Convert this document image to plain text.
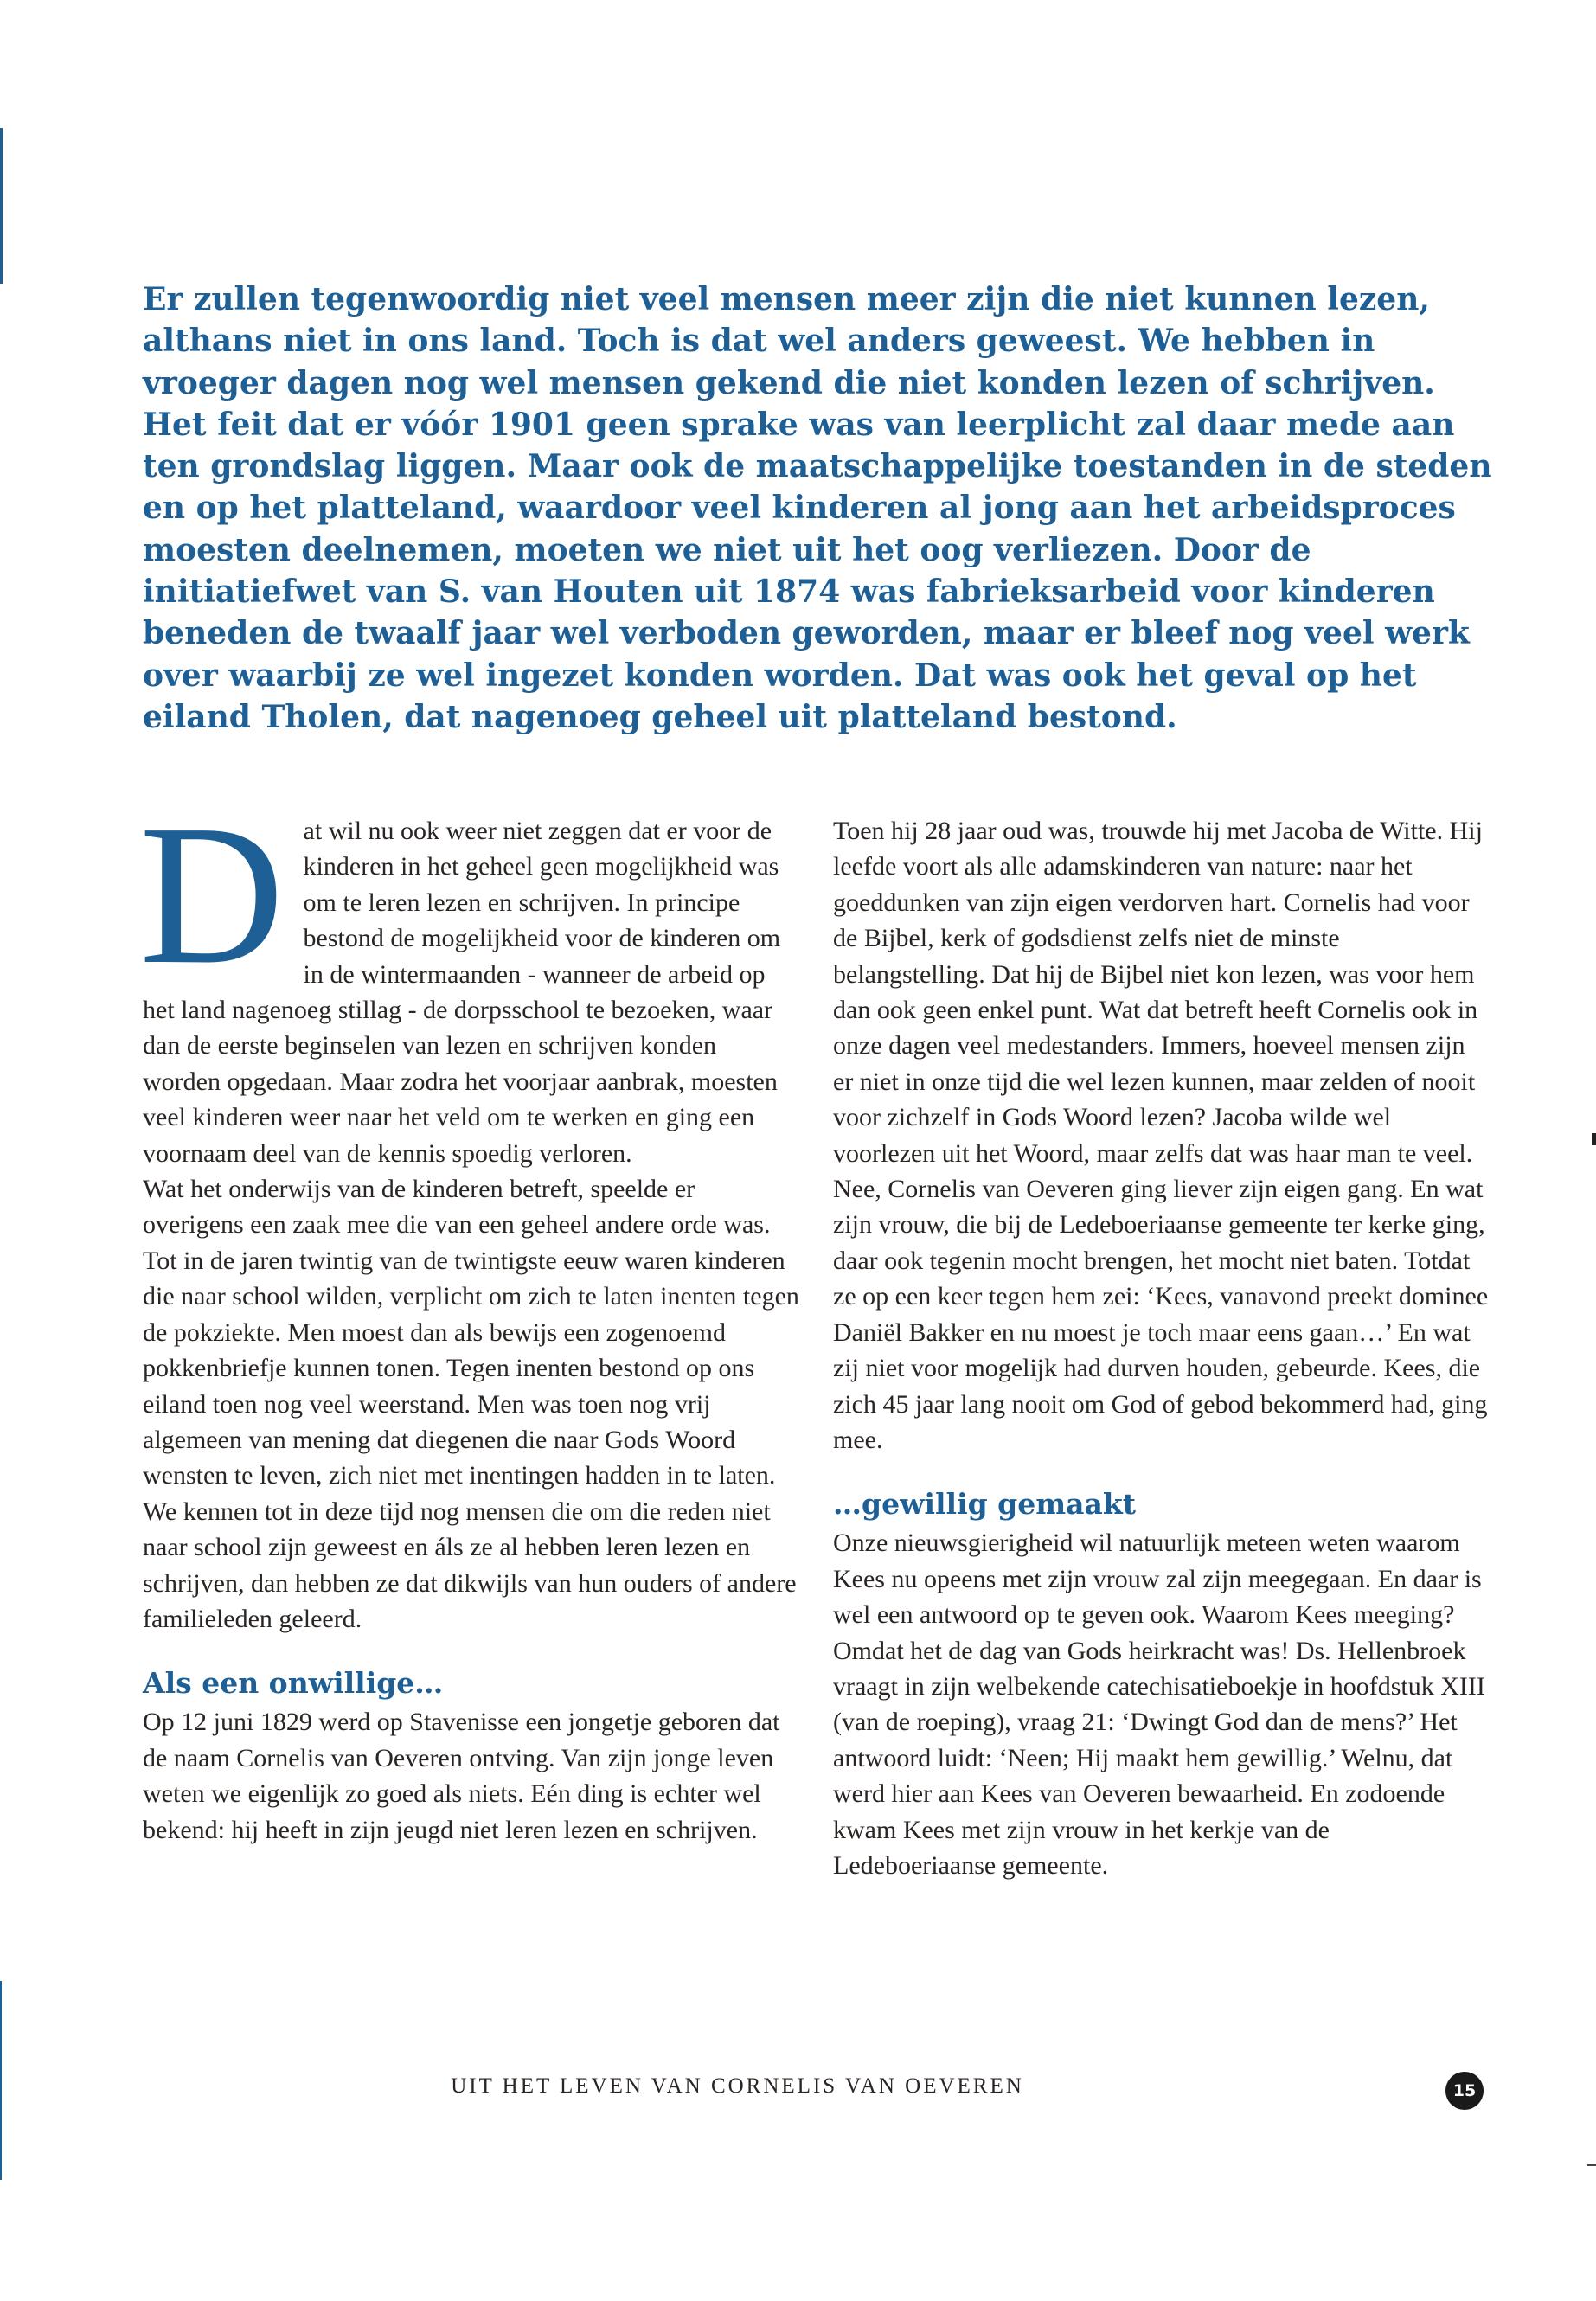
Er zullen tegenwoordig niet veel mensen meer zijn die niet kunnen lezen, althans niet in ons land. Toch is dat wel anders geweest. We hebben in vroeger dagen nog wel mensen gekend die niet konden lezen of schrijven. Het feit dat er vóór 1901 geen sprake was van leerplicht zal daar mede aan ten grondslag liggen. Maar ook de maatschappelijke toestanden in de steden en op het platteland, waardoor veel kinderen al jong aan het arbeidsproces moesten deelnemen, moeten we niet uit het oog verliezen. Door de initiatiefwet van S. van Houten uit 1874 was fabrieksarbeid voor kinderen beneden de twaalf jaar wel verboden geworden, maar er bleef nog veel werk over waarbij ze wel ingezet konden worden. Dat was ook het geval op het eiland Tholen, dat nagenoeg geheel uit platteland bestond.

Dat wil nu ook weer niet zeggen dat er voor de kinderen in het geheel geen mogelijkheid was om te leren lezen en schrijven. In principe bestond de mogelijkheid voor de kinderen om in de wintermaanden - wanneer de arbeid op het land nagenoeg stillag - de dorpsschool te bezoeken, waar dan de eerste beginselen van lezen en schrijven konden worden opgedaan. Maar zodra het voorjaar aanbrak, moesten veel kinderen weer naar het veld om te werken en ging een voornaam deel van de kennis spoedig verloren.

Wat het onderwijs van de kinderen betreft, speelde er overigens een zaak mee die van een geheel andere orde was. Tot in de jaren twintig van de twintigste eeuw waren kinderen die naar school wilden, verplicht om zich te laten inenten tegen de pokziekte. Men moest dan als bewijs een zogenoemd pokkenbriefje kunnen tonen. Tegen inenten bestond op ons eiland toen nog veel weerstand. Men was toen nog vrij algemeen van mening dat diegenen die naar Gods Woord wensten te leven, zich niet met inentingen hadden in te laten. We kennen tot in deze tijd nog mensen die om die reden niet naar school zijn geweest en áls ze al hebben leren lezen en schrijven, dan hebben ze dat dikwijls van hun ouders of andere familieleden geleerd.

Als een onwillige…

Op 12 juni 1829 werd op Stavenisse een jongetje geboren dat de naam Cornelis van Oeveren ontving. Van zijn jonge leven weten we eigenlijk zo goed als niets. Eén ding is echter wel bekend: hij heeft in zijn jeugd niet leren lezen en schrijven.

Toen hij 28 jaar oud was, trouwde hij met Jacoba de Witte. Hij leefde voort als alle adamskinderen van nature: naar het goeddunken van zijn eigen verdorven hart. Cornelis had voor de Bijbel, kerk of godsdienst zelfs niet de minste belangstelling. Dat hij de Bijbel niet kon lezen, was voor hem dan ook geen enkel punt. Wat dat betreft heeft Cornelis ook in onze dagen veel medestanders. Immers, hoeveel mensen zijn er niet in onze tijd die wel lezen kunnen, maar zelden of nooit voor zichzelf in Gods Woord lezen? Jacoba wilde wel voorlezen uit het Woord, maar zelfs dat was haar man te veel. Nee, Cornelis van Oeveren ging liever zijn eigen gang. En wat zijn vrouw, die bij de Ledeboeriaanse gemeente ter kerke ging, daar ook tegenin mocht brengen, het mocht niet baten. Totdat ze op een keer tegen hem zei: ‘Kees, vanavond preekt dominee Daniël Bakker en nu moest je toch maar eens gaan…’ En wat zij niet voor mogelijk had durven houden, gebeurde. Kees, die zich 45 jaar lang nooit om God of gebod bekommerd had, ging mee.

…gewillig gemaakt

Onze nieuwsgierigheid wil natuurlijk meteen weten waarom Kees nu opeens met zijn vrouw zal zijn meegegaan. En daar is wel een antwoord op te geven ook. Waarom Kees meeging? Omdat het de dag van Gods heirkracht was! Ds. Hellenbroek vraagt in zijn welbekende catechisatieboekje in hoofdstuk XIII (van de roeping), vraag 21: ‘Dwingt God dan de mens?’ Het antwoord luidt: ‘Neen; Hij maakt hem gewillig.’ Welnu, dat werd hier aan Kees van Oeveren bewaarheid. En zodoende kwam Kees met zijn vrouw in het kerkje van de Ledeboeriaanse gemeente.

UIT HET LEVEN VAN CORNELIS VAN OEVEREN	15
